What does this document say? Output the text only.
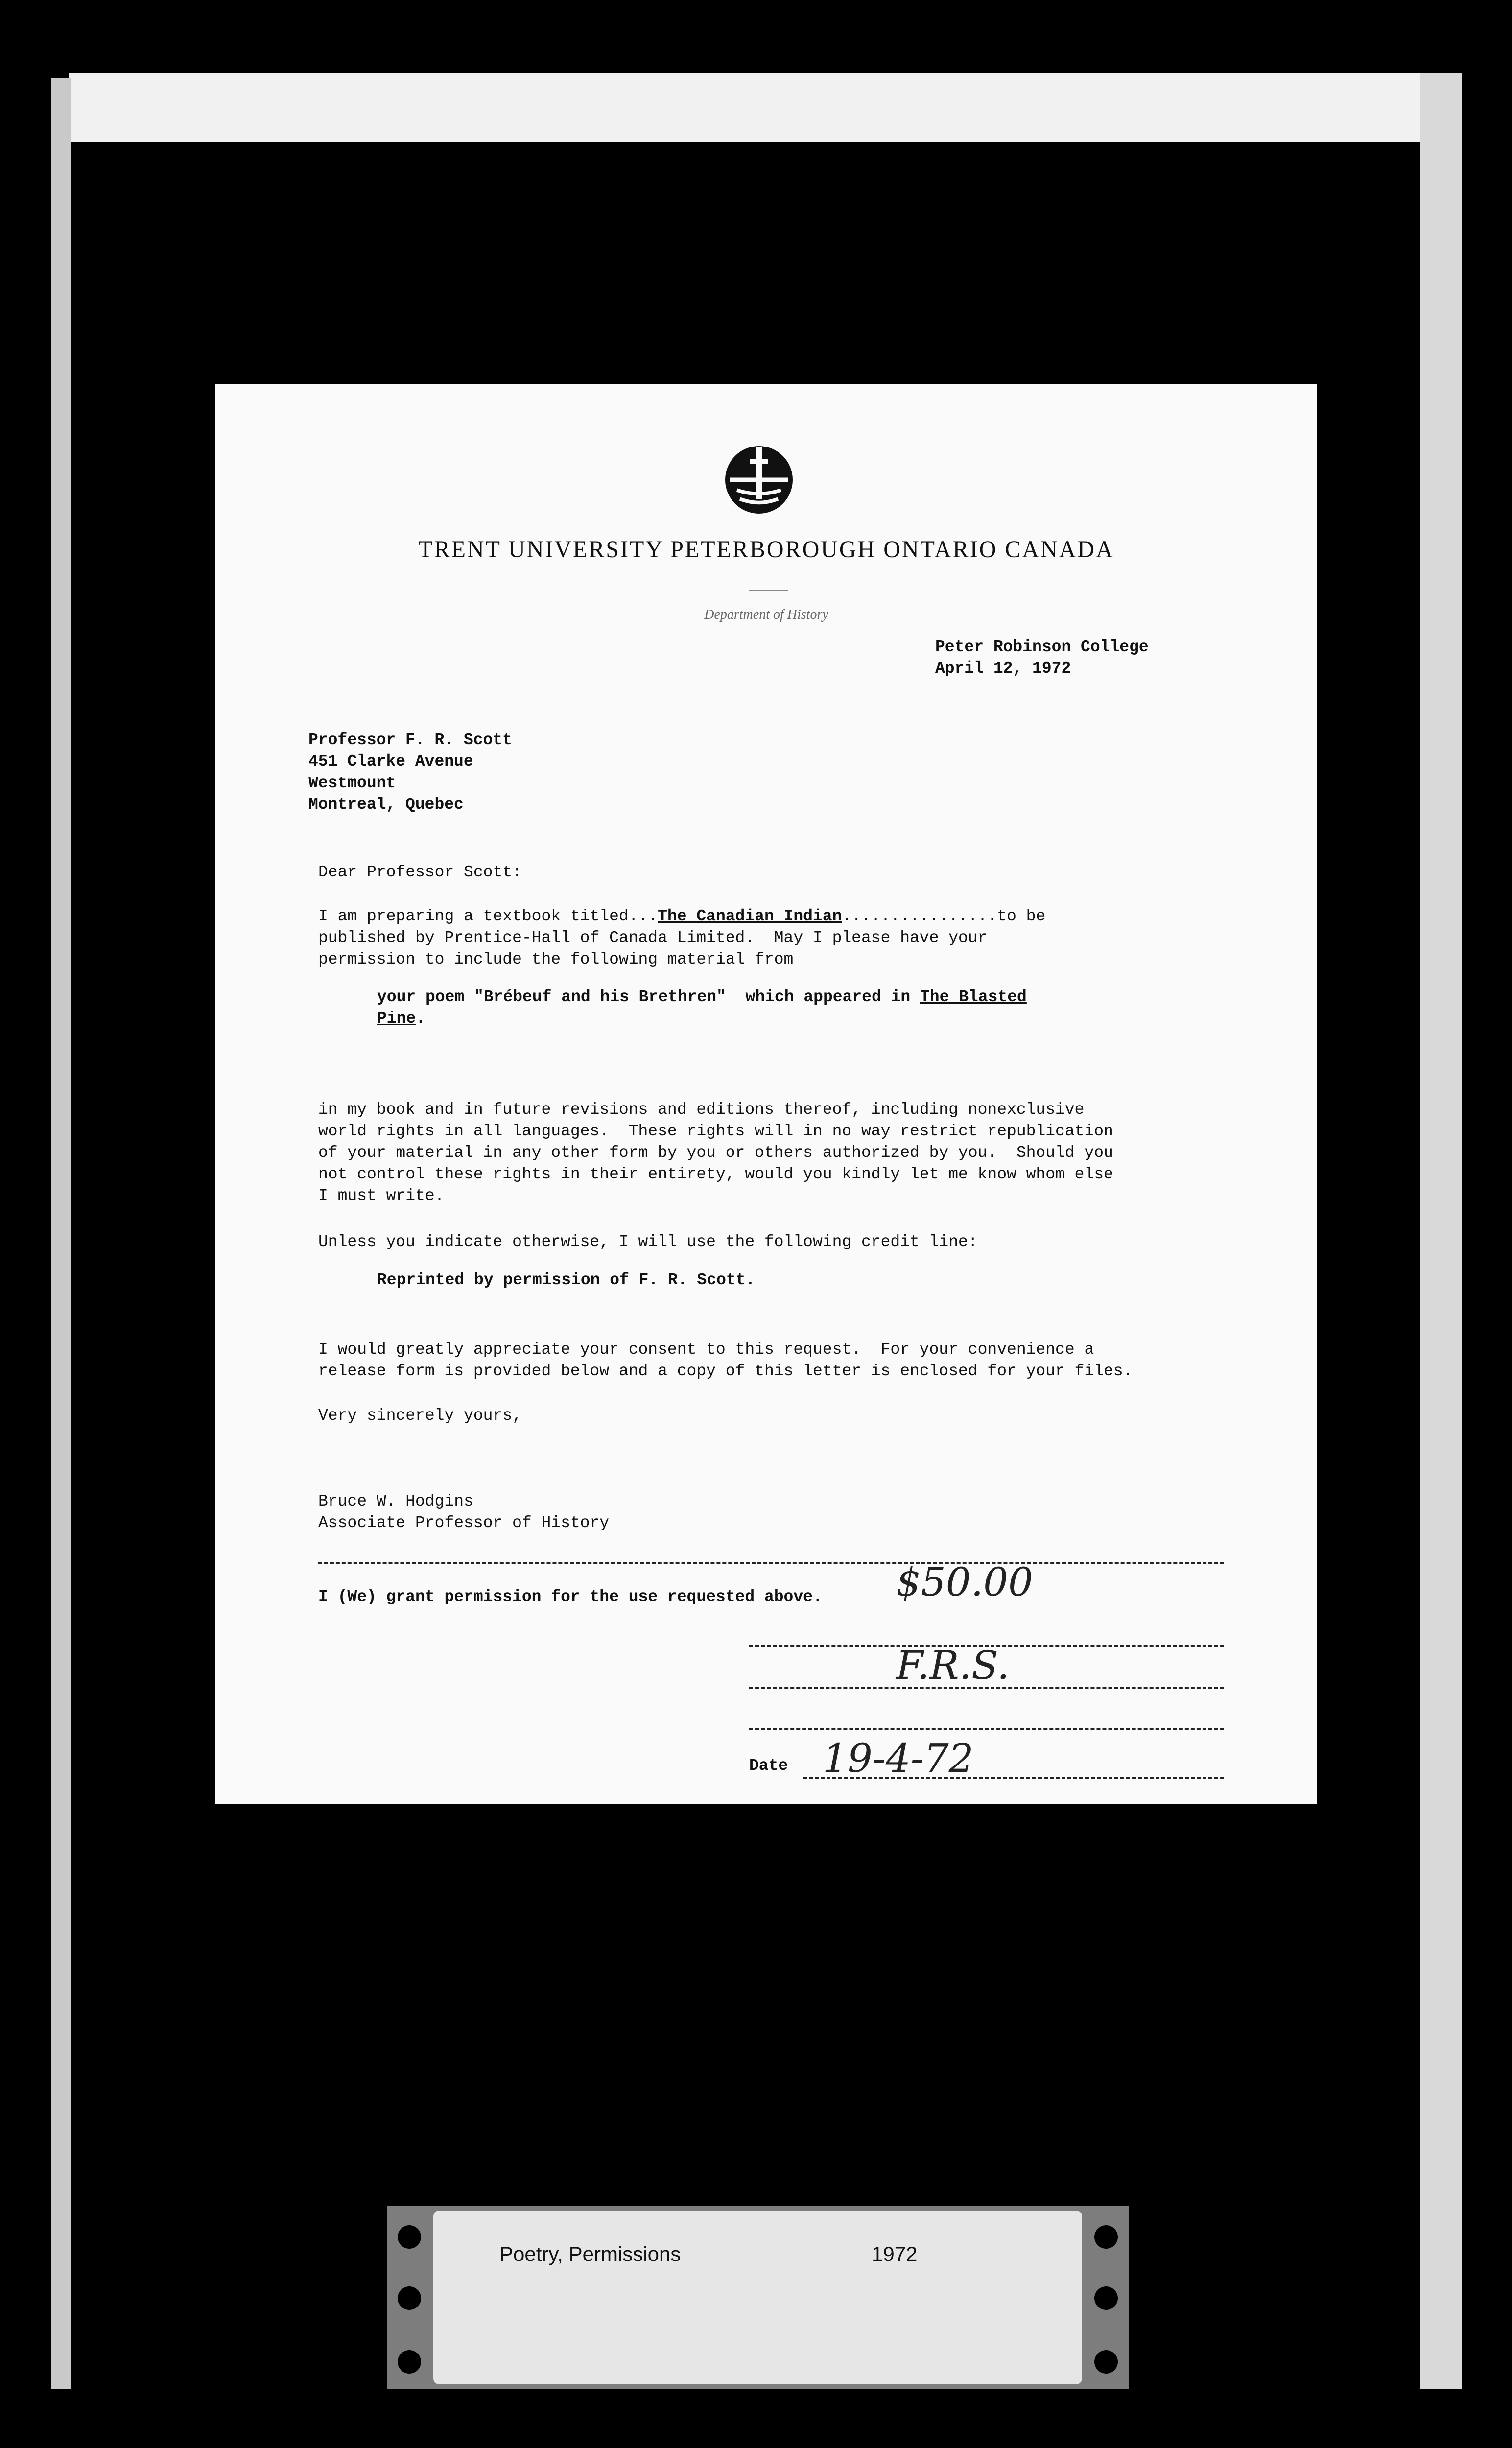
TRENT UNIVERSITY PETERBOROUGH ONTARIO CANADA
Department of History
Peter Robinson College
April 12, 1972
Professor F. R. Scott
451 Clarke Avenue
Westmount
Montreal, Quebec
Dear Professor Scott:
I am preparing a textbook titled...The Canadian Indian................to be
published by Prentice-Hall of Canada Limited.  May I please have your
permission to include the following material from
your poem "Brébeuf and his Brethren"  which appeared in The Blasted
Pine.
in my book and in future revisions and editions thereof, including nonexclusive
world rights in all languages.  These rights will in no way restrict republication
of your material in any other form by you or others authorized by you.  Should you
not control these rights in their entirety, would you kindly let me know whom else
I must write.
Unless you indicate otherwise, I will use the following credit line:
Reprinted by permission of F. R. Scott.
I would greatly appreciate your consent to this request.  For your convenience a
release form is provided below and a copy of this letter is enclosed for your files.
Very sincerely yours,
Bruce W. Hodgins
Associate Professor of History
I (We) grant permission for the use requested above. $50.00
F.R.S.
Date 19-4-72
Poetry, Permissions	1972
